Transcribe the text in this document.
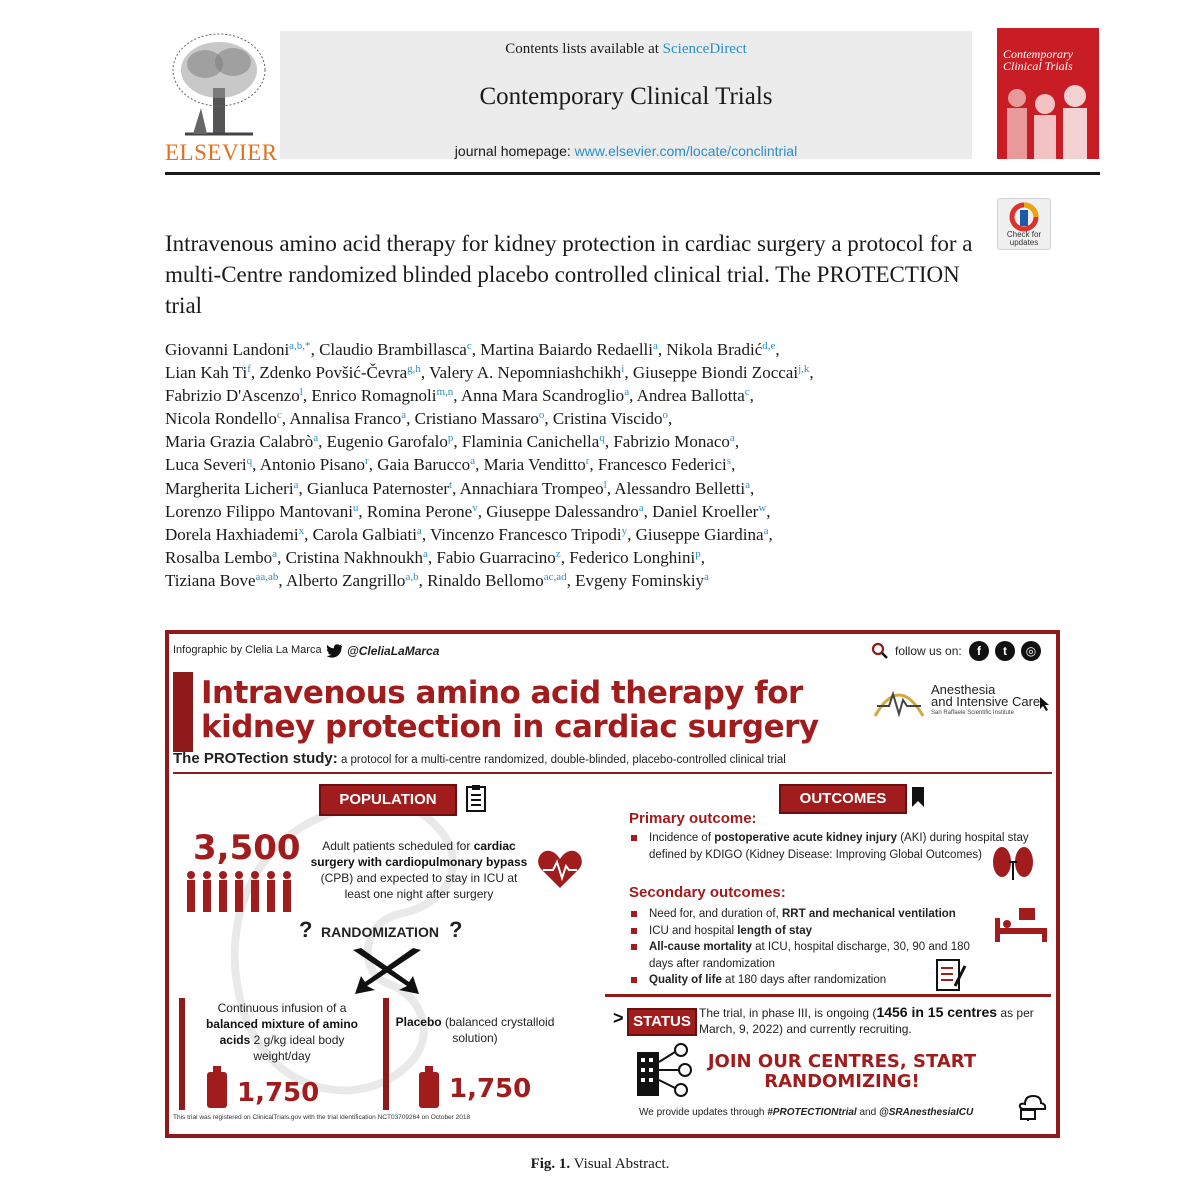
ELSEVIER
Contents lists available at ScienceDirect
Contemporary Clinical Trials
journal homepage: www.elsevier.com/locate/conclintrial
Contemporary Clinical Trials
Check for updates
Intravenous amino acid therapy for kidney protection in cardiac surgery a protocol for a multi-Centre randomized blinded placebo controlled clinical trial. The PROTECTION trial
Giovanni Landoni$^{a,b,*}$, Claudio Brambillasca$^c$, Martina Baiardo Redaelli$^a$, Nikola Bradić$^{d,e}$,
Lian Kah Ti$^f$, Zdenko Povšić-Čevra$^{g,h}$, Valery A. Nepomniashchikh$^i$, Giuseppe Biondi Zoccai$^{j,k}$,
Fabrizio D'Ascenzo$^l$, Enrico Romagnoli$^{m,n}$, Anna Mara Scandroglio$^a$, Andrea Ballotta$^c$,
Nicola Rondello$^c$, Annalisa Franco$^a$, Cristiano Massaro$^o$, Cristina Viscido$^o$,
Maria Grazia Calabrò$^a$, Eugenio Garofalo$^p$, Flaminia Canichella$^q$, Fabrizio Monaco$^a$,
Luca Severi$^q$, Antonio Pisano$^r$, Gaia Barucco$^a$, Maria Venditto$^r$, Francesco Federici$^s$,
Margherita Licheri$^a$, Gianluca Paternoster$^t$, Annachiara Trompeo$^l$, Alessandro Belletti$^a$,
Lorenzo Filippo Mantovani$^u$, Romina Perone$^v$, Giuseppe Dalessandro$^a$, Daniel Kroeller$^w$,
Dorela Haxhiademi$^x$, Carola Galbiati$^a$, Vincenzo Francesco Tripodi$^y$, Giuseppe Giardina$^a$,
Rosalba Lembo$^a$, Cristina Nakhnoukh$^a$, Fabio Guarracino$^z$, Federico Longhini$^p$,
Tiziana Bove$^{aa,ab}$, Alberto Zangrillo$^{a,b}$, Rinaldo Bellomo$^{ac,ad}$, Evgeny Fominskiy$^a$
Infographic by Clelia La Marca @CleliaLaMarca	follow us on:	f	t	◎
Intravenous amino acid therapy for
kidney protection in cardiac surgery
Anesthesia
and Intensive Care
San Raffaele Scientific Institute
The PROTection study: a protocol for a multi-centre randomized, double-blinded, placebo-controlled clinical trial
POPULATION
3,500	Adult patients scheduled for cardiac surgery with cardiopulmonary bypass (CPB) and expected to stay in ICU at least one night after surgery
? RANDOMIZATION ?
Continuous infusion of a balanced mixture of amino acids 2 g/kg ideal body weight/day
1,750
Placebo (balanced crystalloid solution)
1,750
OUTCOMES
Primary outcome:
Incidence of postoperative acute kidney injury (AKI) during hospital stay defined by KDIGO (Kidney Disease: Improving Global Outcomes)
Secondary outcomes:
Need for, and duration of, RRT and mechanical ventilation
ICU and hospital length of stay
All-cause mortality at ICU, hospital discharge, 30, 90 and 180 days after randomization
Quality of life at 180 days after randomization
> STATUS The trial, in phase III, is ongoing (1456 in 15 centres as per March, 9, 2022) and currently recruiting.
JOIN OUR CENTRES, START
RANDOMIZING!
We provide updates through #PROTECTIONtrial and @SRAnesthesiaICU
This trial was registered on ClinicalTrials.gov with the trial identification NCT03709264 on October 2018
Fig. 1. Visual Abstract.
